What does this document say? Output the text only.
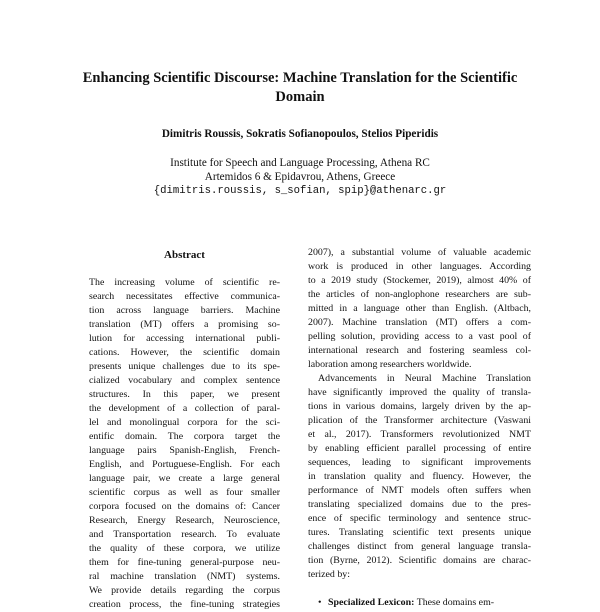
Enhancing Scientific Discourse: Machine Translation for the Scientific
Domain
Dimitris Roussis, Sokratis Sofianopoulos, Stelios Piperidis
Institute for Speech and Language Processing, Athena RC
Artemidos 6 & Epidavrou, Athens, Greece
{dimitris.roussis, s_sofian, spip}@athenarc.gr
Abstract

The increasing volume of scientific re-

search necessitates effective communica-

tion across language barriers. Machine

translation (MT) offers a promising so-

lution for accessing international publi-

cations. However, the scientific domain

presents unique challenges due to its spe-

cialized vocabulary and complex sentence

structures. In this paper, we present

the development of a collection of paral-

lel and monolingual corpora for the sci-

entific domain. The corpora target the

language pairs Spanish-English, French-

English, and Portuguese-English. For each

language pair, we create a large general

scientific corpus as well as four smaller

corpora focused on the domains of: Cancer

Research, Energy Research, Neuroscience,

and Transportation research. To evaluate

the quality of these corpora, we utilize

them for fine-tuning general-purpose neu-

ral machine translation (NMT) systems.

We provide details regarding the corpus

creation process, the fine-tuning strategies

2007), a substantial volume of valuable academic

work is produced in other languages. According

to a 2019 study (Stockemer, 2019), almost 40% of

the articles of non-anglophone researchers are sub-

mitted in a language other than English. (Altbach,

2007). Machine translation (MT) offers a com-

pelling solution, providing access to a vast pool of

international research and fostering seamless col-

laboration among researchers worldwide.

Advancements in Neural Machine Translation

have significantly improved the quality of transla-

tions in various domains, largely driven by the ap-

plication of the Transformer architecture (Vaswani

et al., 2017). Transformers revolutionized NMT

by enabling efficient parallel processing of entire

sequences, leading to significant improvements

in translation quality and fluency. However, the

performance of NMT models often suffers when

translating specialized domains due to the pres-

ence of specific terminology and sentence struc-

tures. Translating scientific text presents unique

challenges distinct from general language transla-

tion (Byrne, 2012). Scientific domains are charac-

terized by:

• Specialized Lexicon: These domains em-
